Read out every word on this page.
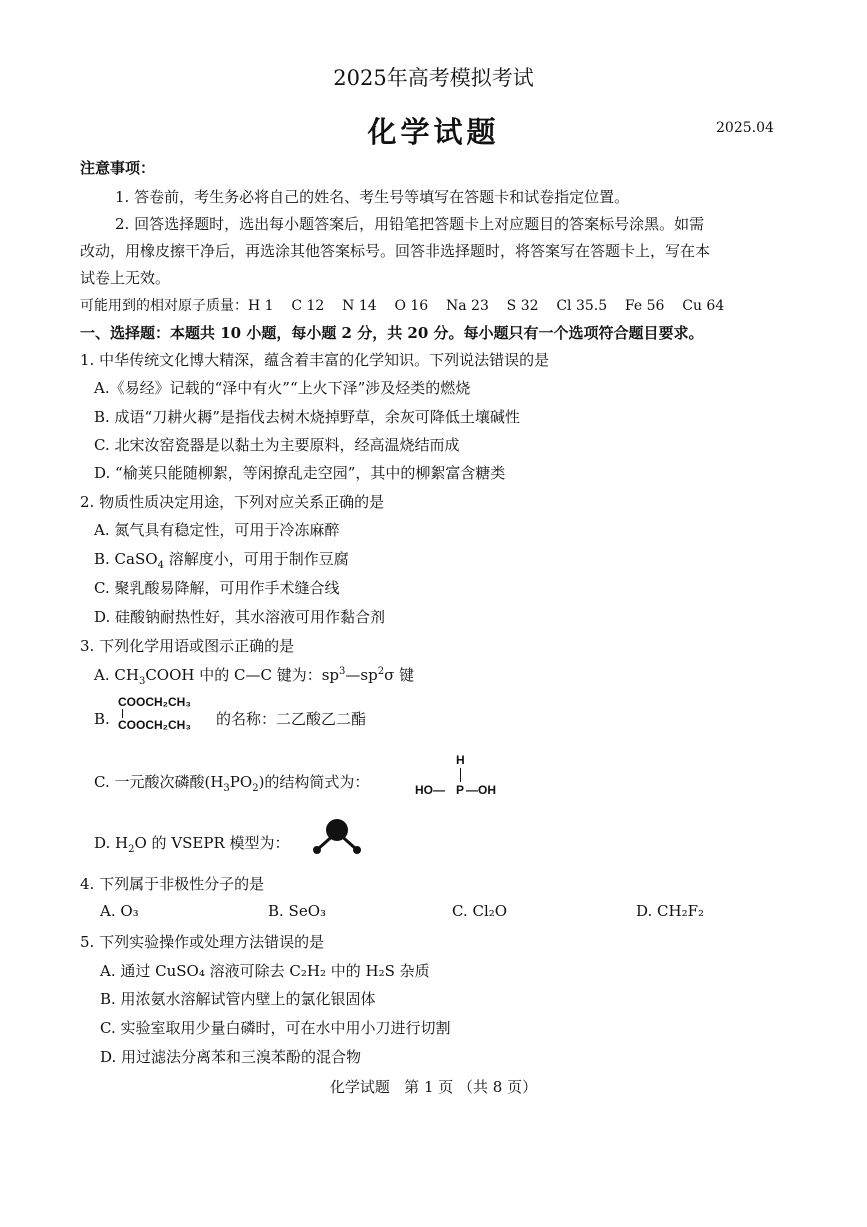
2025年高考模拟考试
化学试题	2025.04
注意事项：
1. 答卷前，考生务必将自己的姓名、考生号等填写在答题卡和试卷指定位置。
2. 回答选择题时，选出每小题答案后，用铅笔把答题卡上对应题目的答案标号涂黑。如需
改动，用橡皮擦干净后，再选涂其他答案标号。回答非选择题时，将答案写在答题卡上，写在本
试卷上无效。
可能用到的相对原子质量：H 1    C 12    N 14    O 16    Na 23    S 32    Cl 35.5    Fe 56    Cu 64
一、选择题：本题共 10 小题，每小题 2 分，共 20 分。每小题只有一个选项符合题目要求。
1. 中华传统文化博大精深，蕴含着丰富的化学知识。下列说法错误的是
A.《易经》记载的“泽中有火”“上火下泽”涉及烃类的燃烧
B. 成语“刀耕火耨”是指伐去树木烧掉野草，余灰可降低土壤碱性
C. 北宋汝窑瓷器是以黏土为主要原料，经高温烧结而成
D. “榆荚只能随柳絮，等闲撩乱走空园”，其中的柳絮富含糖类
2. 物质性质决定用途，下列对应关系正确的是
A. 氮气具有稳定性，可用于冷冻麻醉
B. CaSO$_4$ 溶解度小，可用于制作豆腐
C. 聚乳酸易降解，可用作手术缝合线
D. 硅酸钠耐热性好，其水溶液可用作黏合剂
3. 下列化学用语或图示正确的是
A. $CH_3COOH$ 中的 C—C 键为：$sp^3—sp^2\sigma$ 键
B.
COOCH₂CH₃
COOCH₂CH₃ 的名称：二乙酸乙二酯
C. 一元酸次磷酸$(H_3PO_2)$的结构简式为：
H
HO— P —OH
D. $H_2O$ 的 VSEPR 模型为：
4. 下列属于非极性分子的是
A. O₃	B. SeO₃	C. Cl₂O	D. CH₂F₂
5. 下列实验操作或处理方法错误的是
A. 通过 CuSO₄ 溶液可除去 C₂H₂ 中的 H₂S 杂质
B. 用浓氨水溶解试管内壁上的氯化银固体
C. 实验室取用少量白磷时，可在水中用小刀进行切割
D. 用过滤法分离苯和三溴苯酚的混合物
化学试题   第 1 页 （共 8 页）
